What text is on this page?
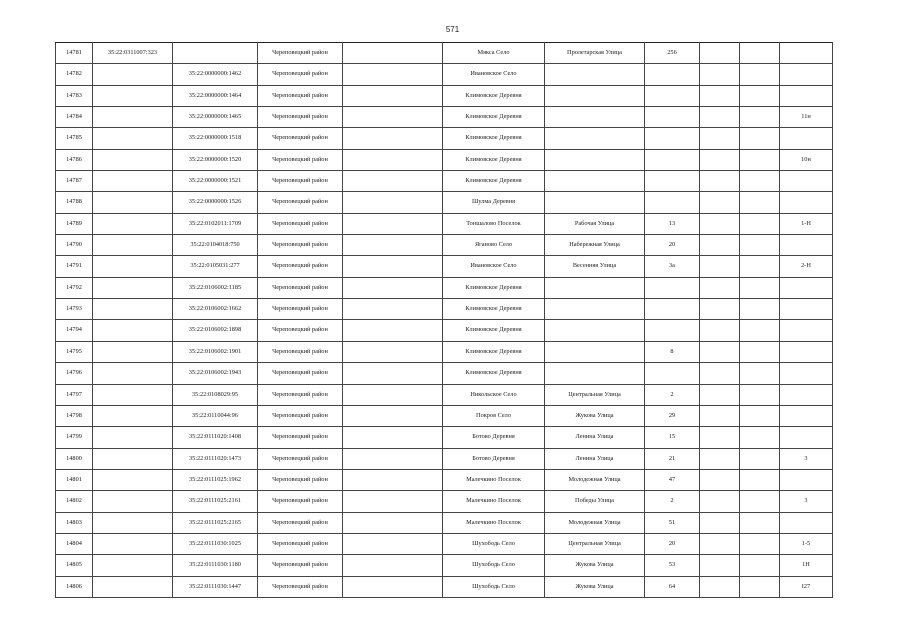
571
14781	35:22:0311007:323		Череповецкий район		Мякса Село	Пролетарская Улица	256			
14782		35:22:0000000:1462	Череповецкий район		Ивановское Село					
14783		35:22:0000000:1464	Череповецкий район		Климовское Деревня					
14784		35:22:0000000:1465	Череповецкий район		Климовское Деревня					11н
14785		35:22:0000000:1518	Череповецкий район		Климовское Деревня					
14786		35:22:0000000:1520	Череповецкий район		Климовское Деревня					10н
14787		35:22:0000000:1521	Череповецкий район		Климовское Деревня					
14788		35:22:0000000:1526	Череповецкий район		Шулма Деревня					
14789		35:22:0102011:1709	Череповецкий район		Тоншалово Поселок	Рабочая Улица	13			1-Н
14790		35:22:0104018:750	Череповецкий район		Яганово Село	Набережная Улица	20			
14791		35:22:0105031:277	Череповецкий район		Ивановское Село	Весенняя Улица	3а			2-Н
14792		35:22:0106002:1185	Череповецкий район		Климовское Деревня					
14793		35:22:0106002:1662	Череповецкий район		Климовское Деревня					
14794		35:22:0106002:1898	Череповецкий район		Климовское Деревня					
14795		35:22:0106002:1901	Череповецкий район		Климовское Деревня		8			
14796		35:22:0106002:1943	Череповецкий район		Климовское Деревня					
14797		35:22:0108029:95	Череповецкий район		Никольское Село	Центральная Улица	2			
14798		35:22:0110044:96	Череповецкий район		Покров Село	Жукова Улица	29			
14799		35:22:0111020:1408	Череповецкий район		Ботово Деревня	Ленина Улица	15			
14800		35:22:0111020:1473	Череповецкий район		Ботово Деревня	Ленина Улица	21			3
14801		35:22:0111025:1962	Череповецкий район		Малечкино Поселок	Молодежная Улица	47			
14802		35:22:0111025:2161	Череповецкий район		Малечкино Поселок	Победы Улица	2			3
14803		35:22:0111025:2165	Череповецкий район		Малечкино Поселок	Молодежная Улица	51			
14804		35:22:0111030:1025	Череповецкий район		Шухободь Село	Центральная Улица	20			1-5
14805		35:22:0111030:1180	Череповецкий район		Шухободь Село	Жукова Улица	53			1Н
14806		35:22:0111030:1447	Череповецкий район		Шухободь Село	Жукова Улица	64			I27
